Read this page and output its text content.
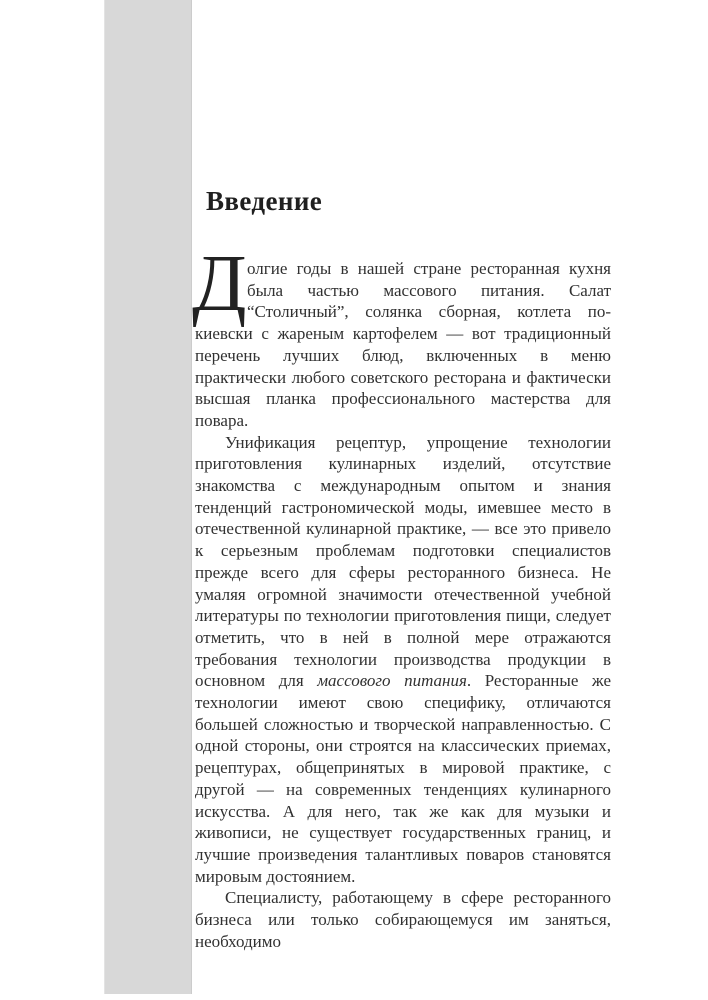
Введение

Д олгие годы в нашей стране ресторанная кухня была частью массового питания. Салат “Столичный”, солянка сборная, котлета по-киевски с жареным картофелем — вот традиционный перечень лучших блюд, включенных в меню практически любого советского ресторана и фактически высшая планка профессионального мастерства для повара.

Унификация рецептур, упрощение технологии приготовления кулинарных изделий, отсутствие знакомства с международным опытом и знания тенденций гастрономической моды, имевшее место в отечественной кулинарной практике, — все это привело к серьезным проблемам подготовки специалистов прежде всего для сферы ресторанного бизнеса. Не умаляя огромной значимости отечественной учебной литературы по технологии приготовления пищи, следует отметить, что в ней в полной мере отражаются требования технологии производства продукции в основном для массового питания. Ресторанные же технологии имеют свою специфику, отличаются большей сложностью и творческой направленностью. С одной стороны, они строятся на классических приемах, рецептурах, общепринятых в мировой практике, с другой — на современных тенденциях кулинарного искусства. А для него, так же как для музыки и живописи, не существует государственных границ, и лучшие произведения талантливых поваров становятся мировым достоянием.

Специалисту, работающему в сфере ресторанного бизнеса или только собирающемуся им заняться, необходимо
